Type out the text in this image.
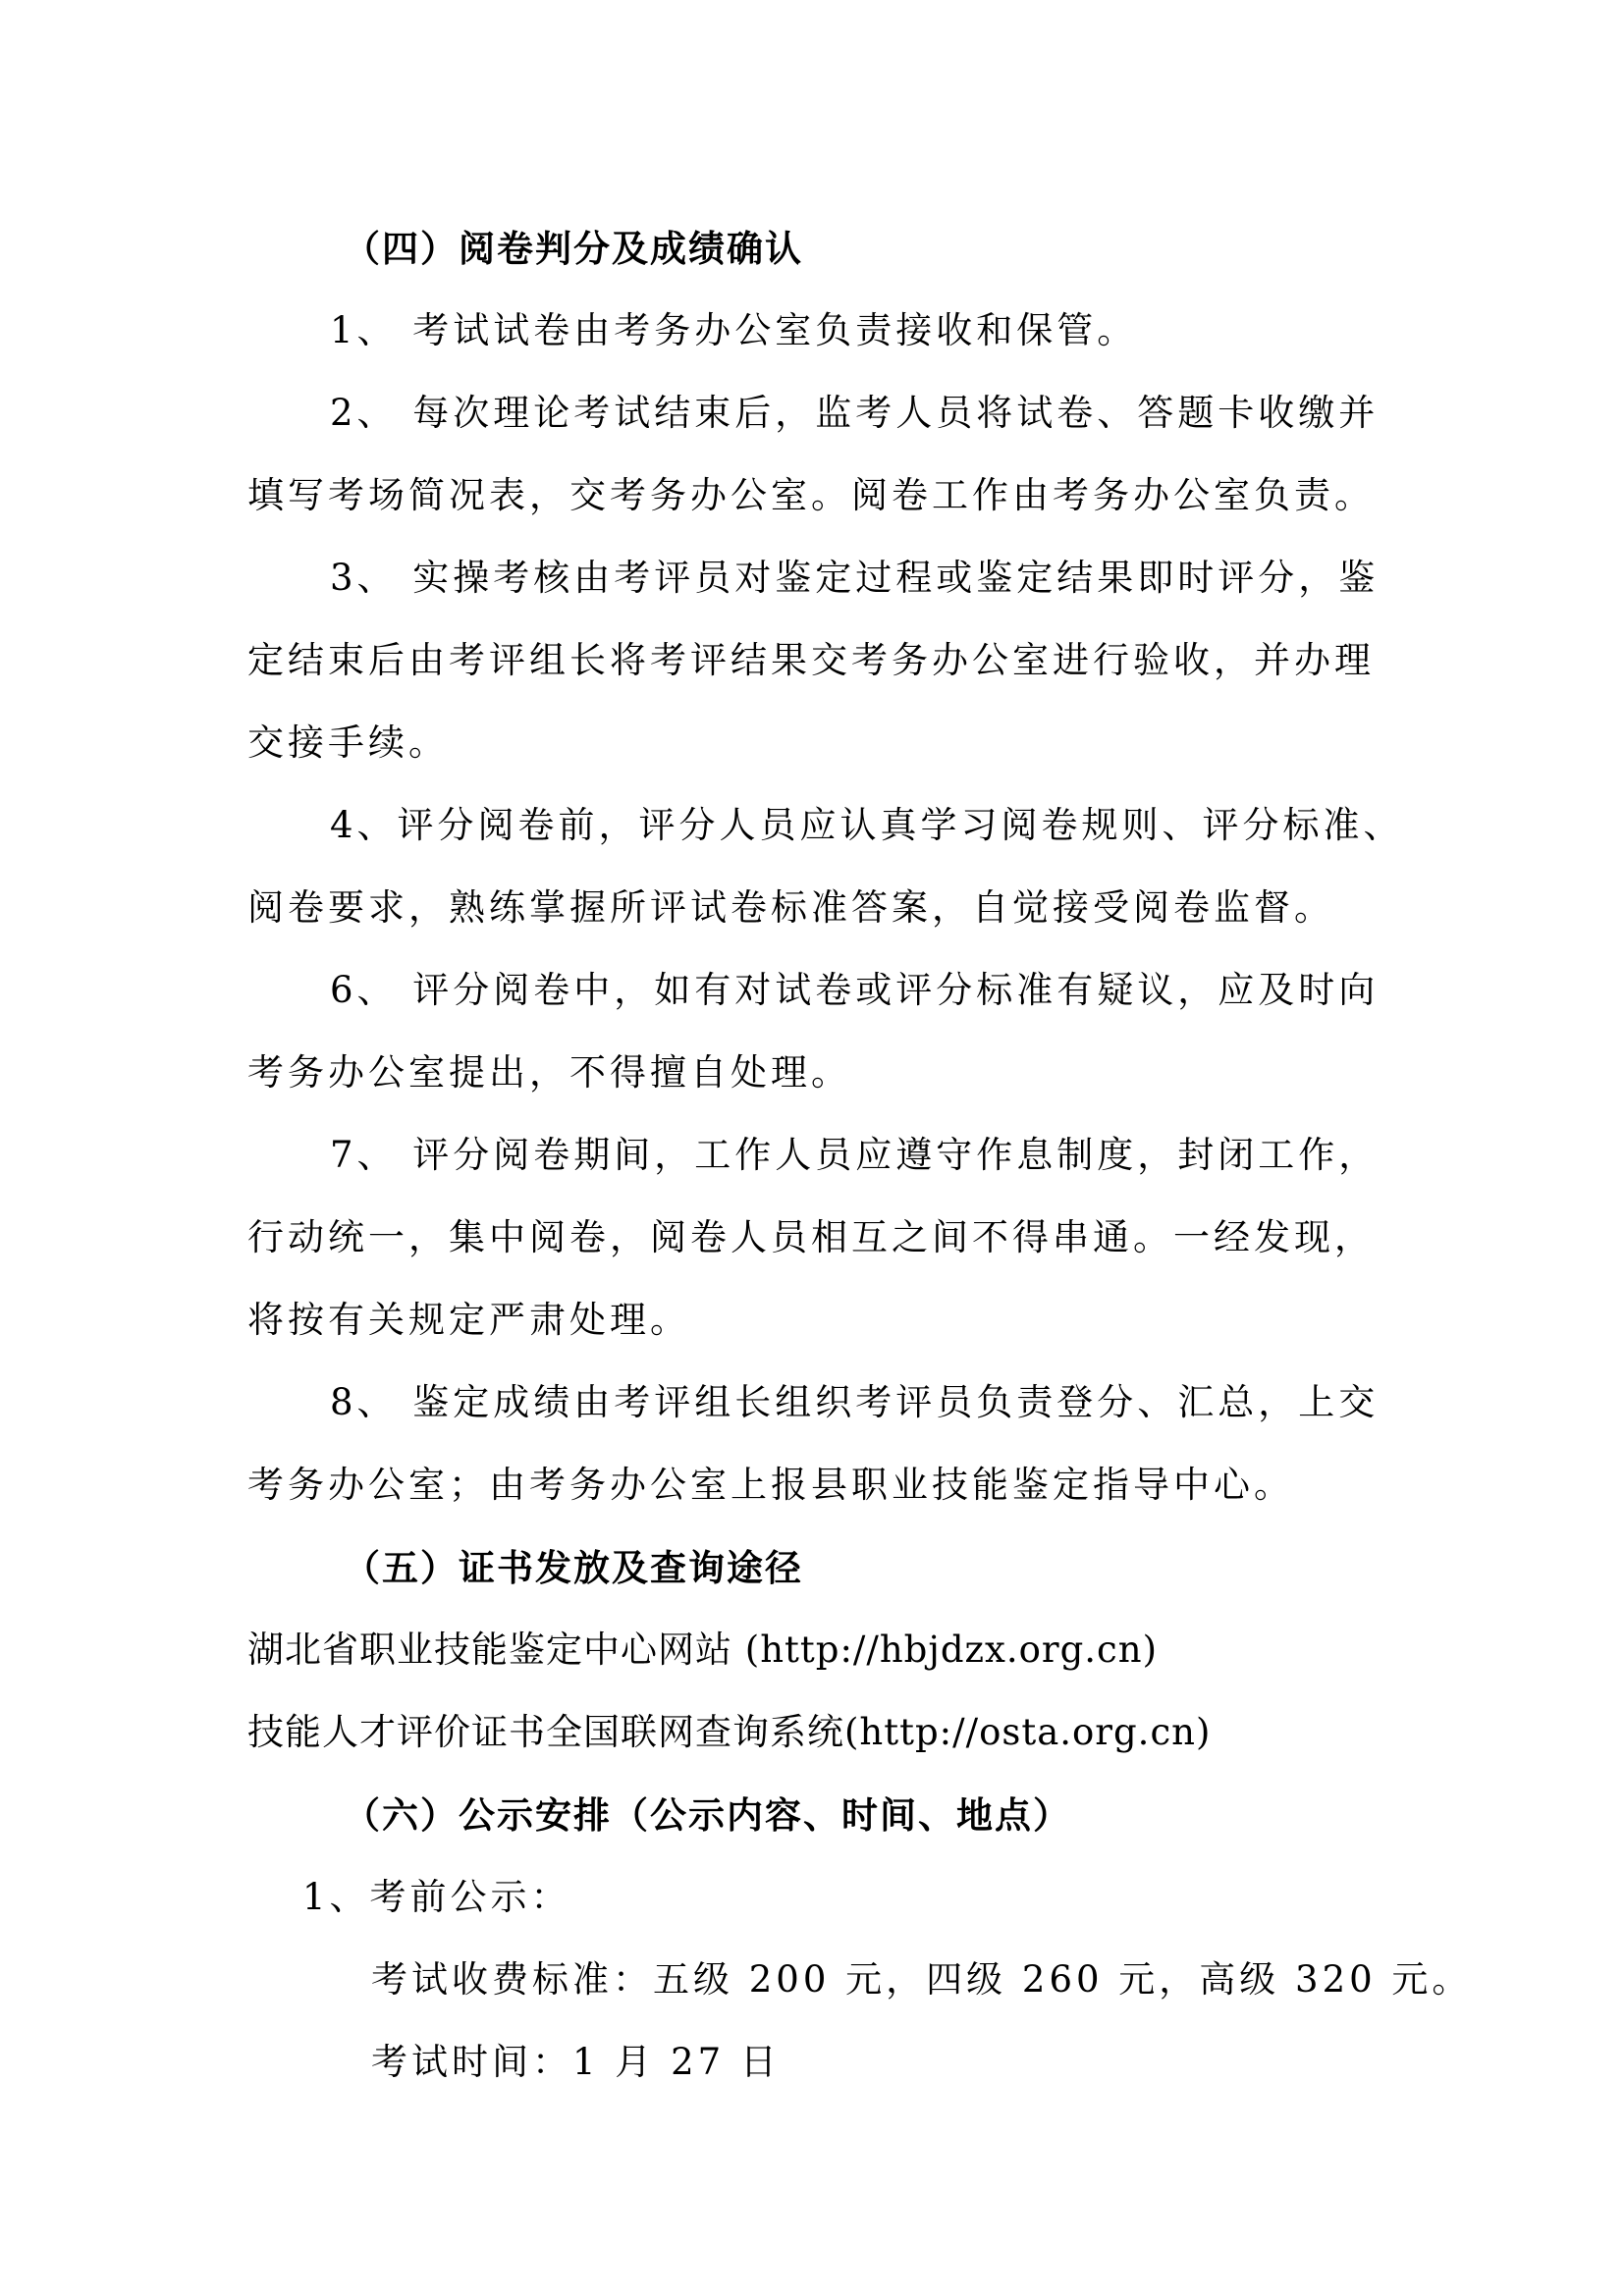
（四）阅卷判分及成绩确认
1、 考试试卷由考务办公室负责接收和保管。
2、 每次理论考试结束后，监考人员将试卷、答题卡收缴并
填写考场简况表，交考务办公室。阅卷工作由考务办公室负责。
3、 实操考核由考评员对鉴定过程或鉴定结果即时评分，鉴
定结束后由考评组长将考评结果交考务办公室进行验收，并办理
交接手续。
4、评分阅卷前，评分人员应认真学习阅卷规则、评分标准、
阅卷要求，熟练掌握所评试卷标准答案，自觉接受阅卷监督。
6、 评分阅卷中，如有对试卷或评分标准有疑议，应及时向
考务办公室提出，不得擅自处理。
7、 评分阅卷期间，工作人员应遵守作息制度，封闭工作，
行动统一，集中阅卷，阅卷人员相互之间不得串通。一经发现，
将按有关规定严肃处理。
8、 鉴定成绩由考评组长组织考评员负责登分、汇总，上交
考务办公室；由考务办公室上报县职业技能鉴定指导中心。
（五）证书发放及查询途径
湖北省职业技能鉴定中心网站 (http://hbjdzx.org.cn)
技能人才评价证书全国联网查询系统(http://osta.org.cn)
（六）公示安排（公示内容、时间、地点）
1、考前公示：
考试收费标准：五级 200 元，四级 260 元，高级 320 元。
考试时间：1 月 27 日
